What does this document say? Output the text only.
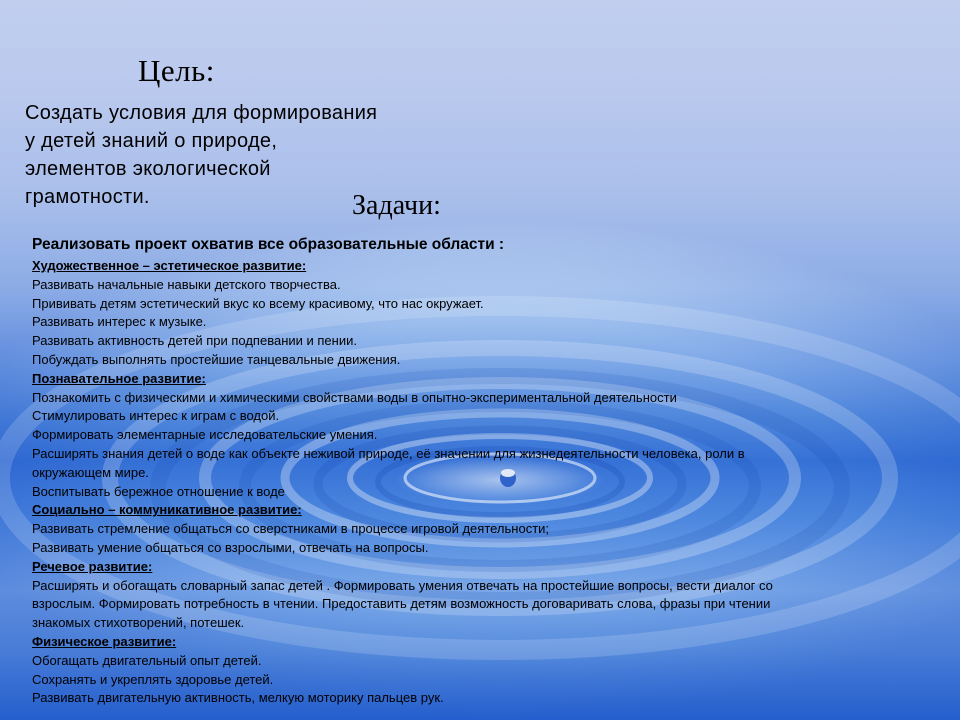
Цель:
Создать условия для формирования
у детей знаний о природе,
элементов экологической
грамотности.	Задачи:
Реализовать проект охватив все образовательные области :
Художественное – эстетическое развитие:
Развивать начальные навыки детского творчества.
Прививать детям эстетический вкус ко всему красивому, что нас окружает.
Развивать интерес к музыке.
Развивать активность детей при подпевании и пении.
Побуждать выполнять простейшие танцевальные движения.
Познавательное развитие:
Познакомить с физическими и химическими свойствами воды в опытно-экспериментальной деятельности
Стимулировать интерес к играм с водой.
Формировать элементарные исследовательские умения.
Расширять знания детей о воде как объекте неживой природе, её значении для жизнедеятельности человека, роли в
окружающем мире.
Воспитывать бережное отношение к воде
Социально – коммуникативное развитие:
Развивать стремление общаться со сверстниками в процессе игровой деятельности;
Развивать умение общаться со взрослыми, отвечать на вопросы.
Речевое развитие:
Расширять и обогащать словарный запас детей . Формировать умения отвечать на простейшие вопросы, вести диалог со
взрослым. Формировать потребность в чтении. Предоставить детям возможность договаривать слова, фразы при чтении
знакомых стихотворений, потешек.
Физическое развитие:
Обогащать двигательный опыт детей.
Сохранять и укреплять здоровье детей.
Развивать двигательную активность, мелкую моторику пальцев рук.
